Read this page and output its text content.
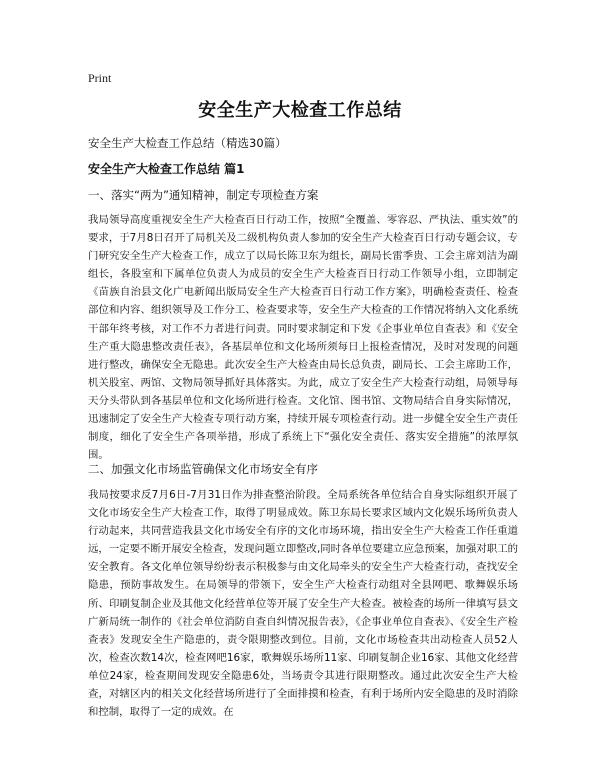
Print
安全生产大检查工作总结
安全生产大检查工作总结（精选30篇）
安全生产大检查工作总结 篇1
一、落实“两为”通知精神，制定专项检查方案

我局领导高度重视安全生产大检查百日行动工作，按照“全覆盖、零容忍、严执法、重实效”的要求，于7月8日召开了局机关及二级机构负责人参加的安全生产大检查百日行动专题会议，专门研究安全生产大检查工作，成立了以局长陈卫东为组长，副局长雷季贵、工会主席刘洁为副组长，各股室和下属单位负责人为成员的安全生产大检查百日行动工作领导小组，立即制定《苗族自治县文化广电新闻出版局安全生产大检查百日行动工作方案》，明确检查责任、检查部位和内容、组织领导及工作分工、检查要求等，安全生产大检查的工作情况将纳入文化系统干部年终考核，对工作不力者进行问责。同时要求制定和下发《企事业单位自查表》和《安全生产重大隐患整改责任表》，各基层单位和文化场所须每日上报检查情况，及时对发现的问题进行整改，确保安全无隐患。此次安全生产大检查由局长总负责，副局长、工会主席助工作，机关股室、两馆、文物局领导抓好具体落实。为此，成立了安全生产大检查行动组，局领导每天分头带队到各基层单位和文化场所进行检查。文化馆、图书馆、文物局结合自身实际情况，迅速制定了安全生产大检查专项行动方案，持续开展专项检查行动。进一步健全安全生产责任制度，细化了安全生产各项举措，形成了系统上下“强化安全责任、落实安全措施”的浓厚氛围。

二、加强文化市场监管确保文化市场安全有序

我局按要求反7月6日-7月31日作为排查整治阶段。全局系统各单位结合自身实际组织开展了文化市场安全生产大检查工作，取得了明显成效。陈卫东局长要求区域内文化娱乐场所负责人行动起来，共同营造我县文化市场安全有序的文化市场环境，指出安全生产大检查工作任重道远，一定要不断开展安全检查，发现问题立即整改,同时各单位要建立应急预案，加强对职工的安全教育。各文化单位领导纷纷表示积极参与由文化局牵头的安全生产大检查行动，查找安全隐患，预防事故发生。在局领导的带领下，安全生产大检查行动组对全县网吧、歌舞娱乐场所、印刷复制企业及其他文化经营单位等开展了安全生产大检查。被检查的场所一律填写县文广新局统一制作的《社会单位消防自查自纠情况报告表》，《企事业单位自查表》、《安全生产检查表》发现安全生产隐患的，责令限期整改到位。目前，文化市场检查共出动检查人员52人次，检查次数14次，检查网吧16家，歌舞娱乐场所11家、印刷复制企业16家、其他文化经营单位24家，检查期间发现安全隐患6处，当场责令其进行限期整改。通过此次安全生产大检查，对辖区内的相关文化经营场所进行了全面排摸和检查，有利于场所内安全隐患的及时消除和控制，取得了一定的成效。在
